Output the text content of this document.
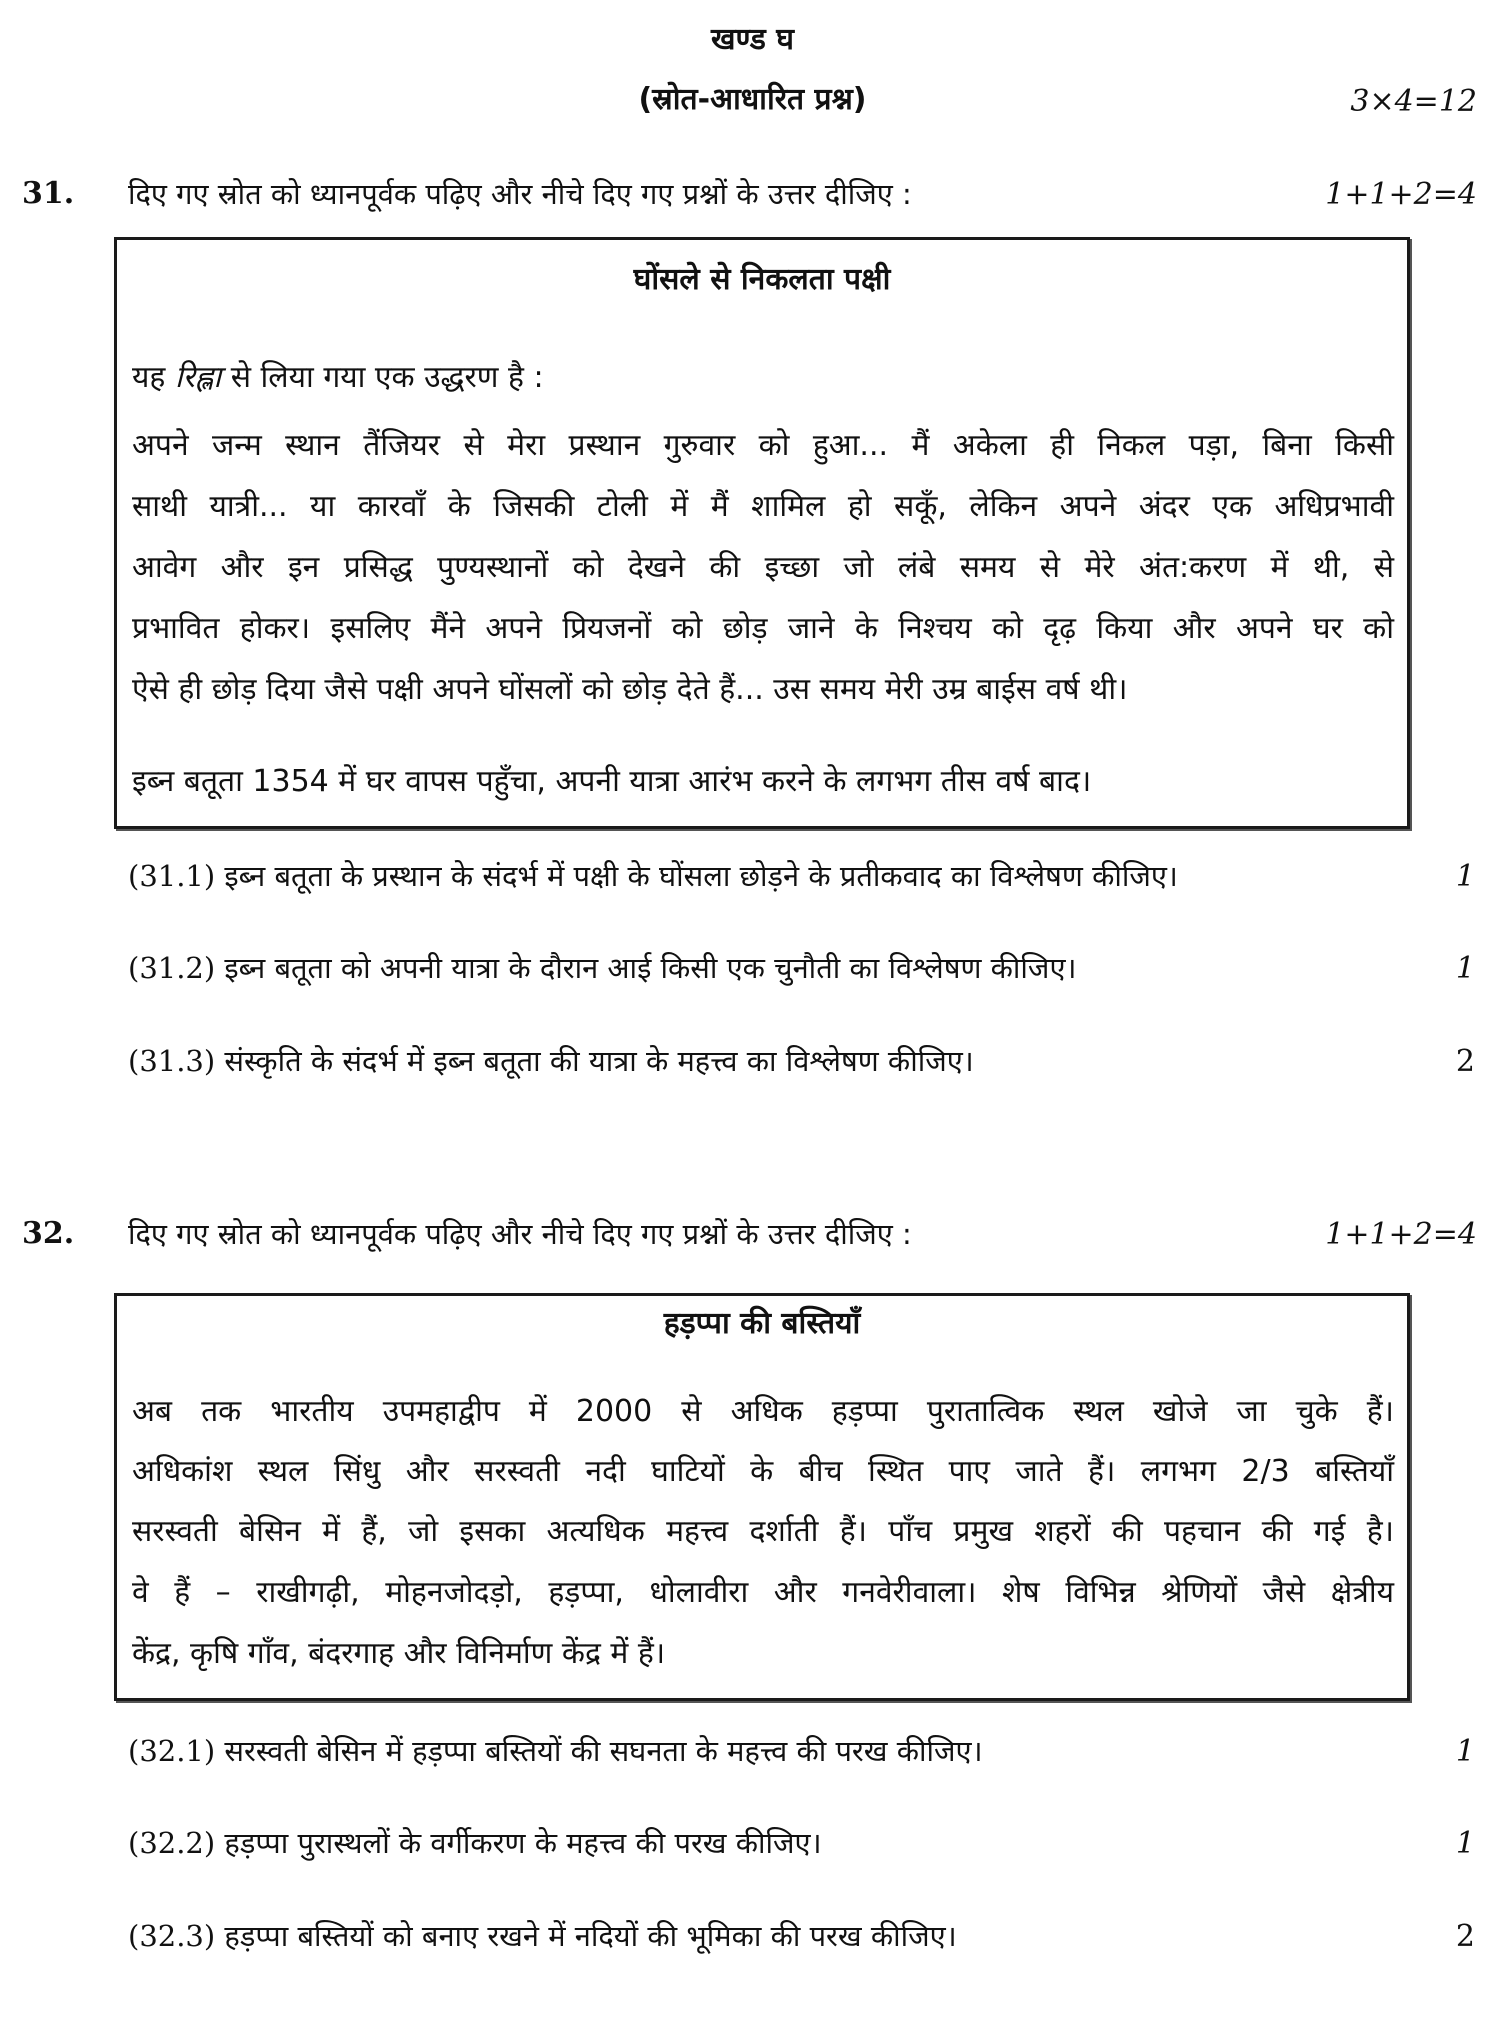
खण्ड घ
(स्रोत-आधारित प्रश्न)	3×4=12
31. दिए गए स्रोत को ध्यानपूर्वक पढ़िए और नीचे दिए गए प्रश्नों के उत्तर दीजिए :	1+1+2=4
घोंसले से निकलता पक्षी
यह रिह्ला से लिया गया एक उद्धरण है :
अपने जन्म स्थान तैंजियर से मेरा प्रस्थान गुरुवार को हुआ... मैं अकेला ही निकल पड़ा, बिना किसी
साथी यात्री... या कारवाँ के जिसकी टोली में मैं शामिल हो सकूँ, लेकिन अपने अंदर एक अधिप्रभावी
आवेग और इन प्रसिद्ध पुण्यस्थानों को देखने की इच्छा जो लंबे समय से मेरे अंत:करण में थी, से
प्रभावित होकर। इसलिए मैंने अपने प्रियजनों को छोड़ जाने के निश्चय को दृढ़ किया और अपने घर को
ऐसे ही छोड़ दिया जैसे पक्षी अपने घोंसलों को छोड़ देते हैं... उस समय मेरी उम्र बाईस वर्ष थी।
इब्न बतूता 1354 में घर वापस पहुँचा, अपनी यात्रा आरंभ करने के लगभग तीस वर्ष बाद।
(31.1) इब्न बतूता के प्रस्थान के संदर्भ में पक्षी के घोंसला छोड़ने के प्रतीकवाद का विश्लेषण कीजिए।	1
(31.2) इब्न बतूता को अपनी यात्रा के दौरान आई किसी एक चुनौती का विश्लेषण कीजिए।	1
(31.3) संस्कृति के संदर्भ में इब्न बतूता की यात्रा के महत्त्व का विश्लेषण कीजिए।	2
32. दिए गए स्रोत को ध्यानपूर्वक पढ़िए और नीचे दिए गए प्रश्नों के उत्तर दीजिए :	1+1+2=4
हड़प्पा की बस्तियाँ
अब तक भारतीय उपमहाद्वीप में 2000 से अधिक हड़प्पा पुरातात्विक स्थल खोजे जा चुके हैं।
अधिकांश स्थल सिंधु और सरस्वती नदी घाटियों के बीच स्थित पाए जाते हैं। लगभग 2/3 बस्तियाँ
सरस्वती बेसिन में हैं, जो इसका अत्यधिक महत्त्व दर्शाती हैं। पाँच प्रमुख शहरों की पहचान की गई है।
वे हैं – राखीगढ़ी, मोहनजोदड़ो, हड़प्पा, धोलावीरा और गनवेरीवाला। शेष विभिन्न श्रेणियों जैसे क्षेत्रीय
केंद्र, कृषि गाँव, बंदरगाह और विनिर्माण केंद्र में हैं।
(32.1) सरस्वती बेसिन में हड़प्पा बस्तियों की सघनता के महत्त्व की परख कीजिए।	1
(32.2) हड़प्पा पुरास्थलों के वर्गीकरण के महत्त्व की परख कीजिए।	1
(32.3) हड़प्पा बस्तियों को बनाए रखने में नदियों की भूमिका की परख कीजिए।	2
